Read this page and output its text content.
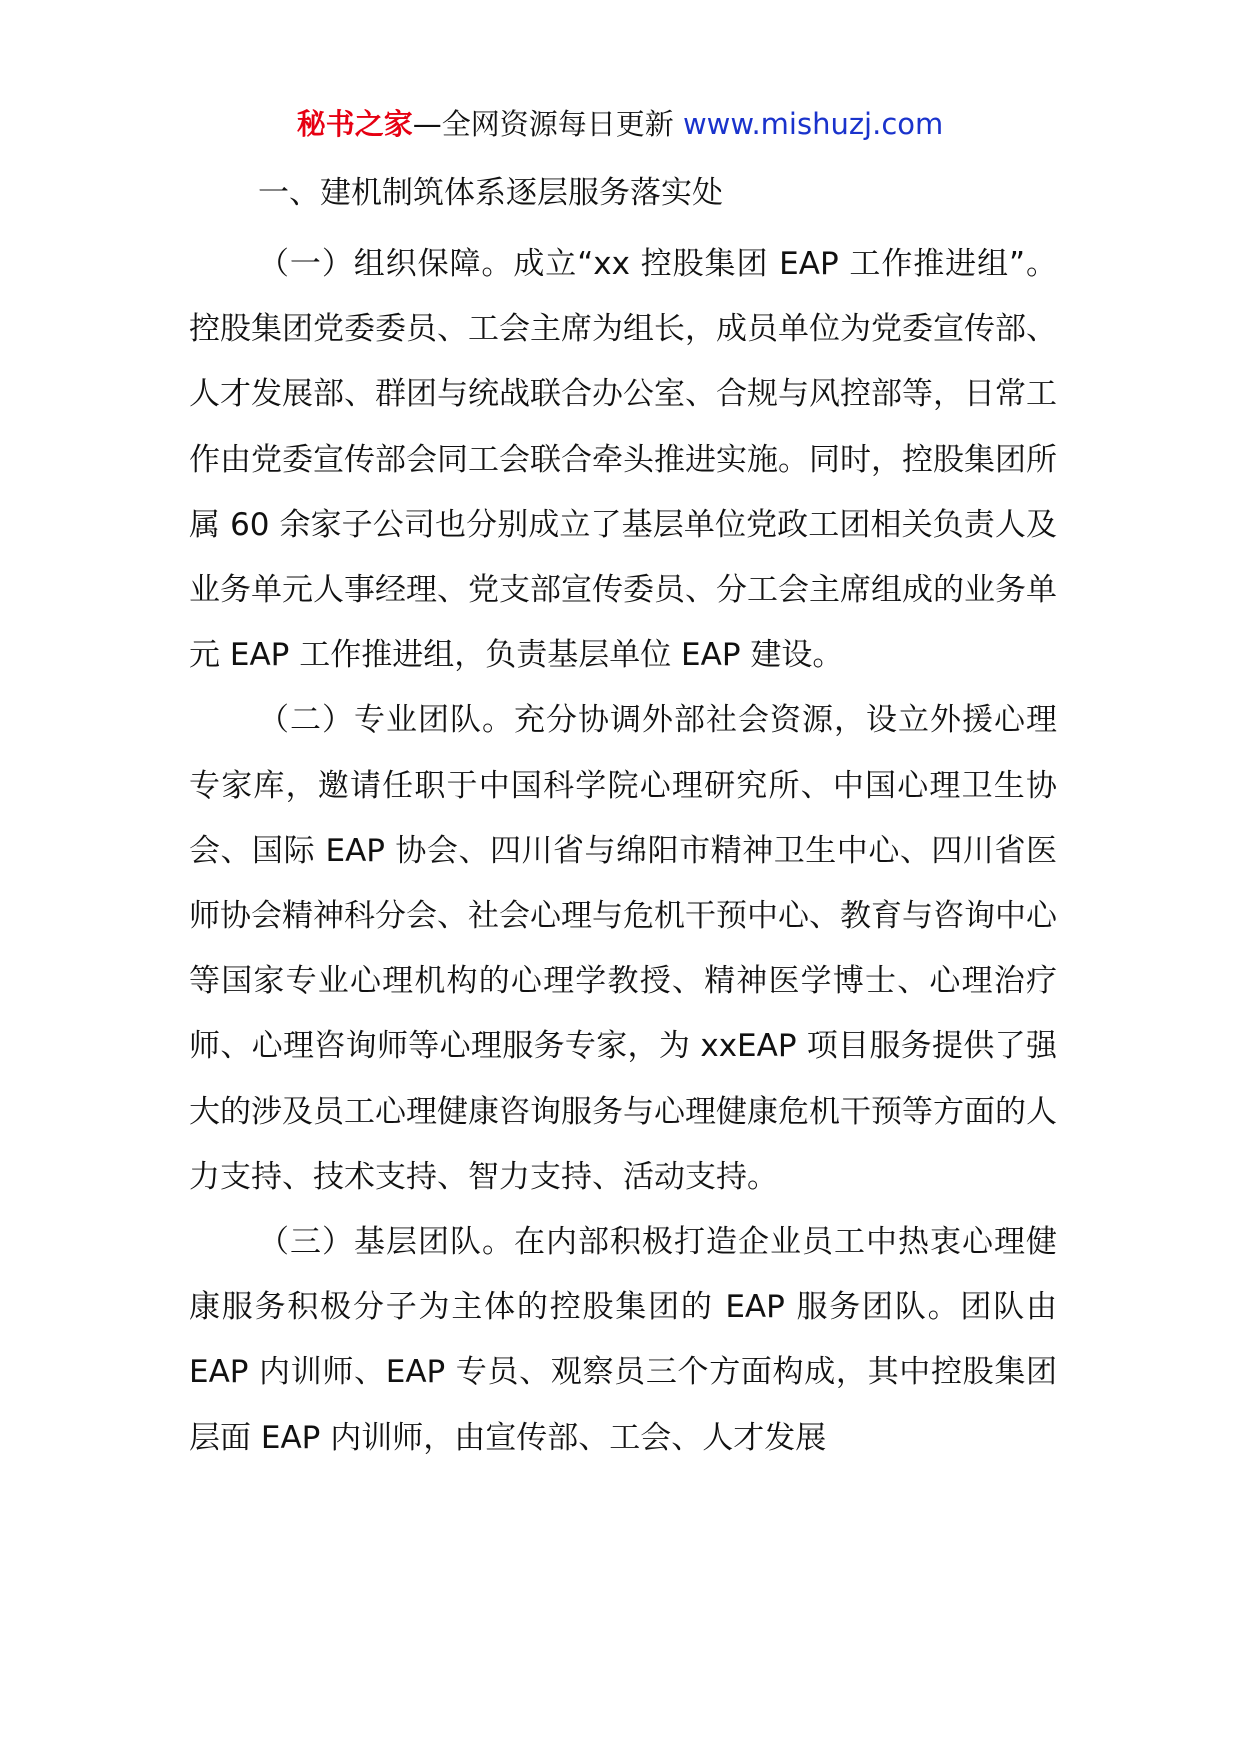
秘书之家—全网资源每日更新 www.mishuzj.com
一、建机制筑体系逐层服务落实处

（一）组织保障。成立“xx 控股集团 EAP 工作推进组”。控股集团党委委员、工会主席为组长，成员单位为党委宣传部、人才发展部、群团与统战联合办公室、合规与风控部等，日常工作由党委宣传部会同工会联合牵头推进实施。同时，控股集团所属 60 余家子公司也分别成立了基层单位党政工团相关负责人及业务单元人事经理、党支部宣传委员、分工会主席组成的业务单元 EAP 工作推进组，负责基层单位 EAP 建设。

（二）专业团队。充分协调外部社会资源，设立外援心理专家库，邀请任职于中国科学院心理研究所、中国心理卫生协会、国际 EAP 协会、四川省与绵阳市精神卫生中心、四川省医师协会精神科分会、社会心理与危机干预中心、教育与咨询中心等国家专业心理机构的心理学教授、精神医学博士、心理治疗师、心理咨询师等心理服务专家，为 xxEAP 项目服务提供了强大的涉及员工心理健康咨询服务与心理健康危机干预等方面的人力支持、技术支持、智力支持、活动支持。

（三）基层团队。在内部积极打造企业员工中热衷心理健康服务积极分子为主体的控股集团的 EAP 服务团队。团队由 EAP 内训师、EAP 专员、观察员三个方面构成，其中控股集团层面 EAP 内训师，由宣传部、工会、人才发展
